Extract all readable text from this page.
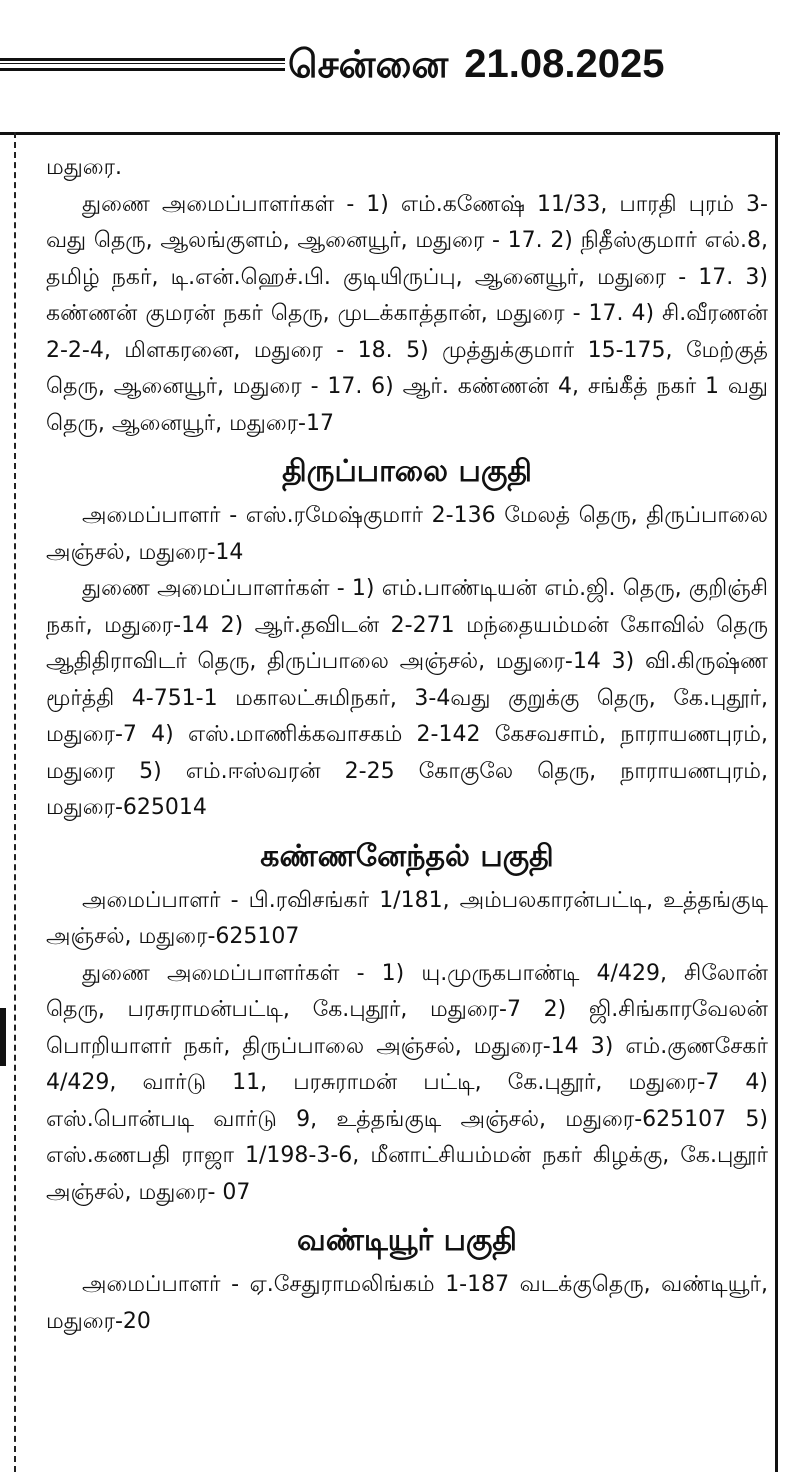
சென்னை 21.08.2025

மதுரை.

துணை அமைப்பாளர்கள் - 1) எம்.கணேஷ் 11/33, பாரதி புரம் 3-வது தெரு, ஆலங்குளம், ஆனையூர், மதுரை - 17. 2) நிதீஸ்குமார் எல்.8, தமிழ் நகர், டி.என்.ஹெச்.பி. குடியிருப்பு, ஆனையூர், மதுரை - 17. 3) கண்ணன் குமரன் நகர் தெரு, முடக்காத்தான், மதுரை - 17. 4) சி.வீரணன் 2-2-4, மிளகரனை, மதுரை - 18. 5) முத்துக்குமார் 15-175, மேற்குத் தெரு, ஆனையூர், மதுரை - 17. 6) ஆர். கண்ணன் 4, சங்கீத் நகர் 1 வது தெரு, ஆனையூர், மதுரை-17

திருப்பாலை பகுதி

அமைப்பாளர் - எஸ்.ரமேஷ்குமார் 2-136 மேலத் தெரு, திருப்பாலை அஞ்சல், மதுரை-14

துணை அமைப்பாளர்கள் - 1) எம்.பாண்டியன் எம்.ஜி. தெரு, குறிஞ்சி நகர், மதுரை-14 2) ஆர்.தவிடன் 2-271 மந்தையம்மன் கோவில் தெரு ஆதிதிராவிடர் தெரு, திருப்பாலை அஞ்சல், மதுரை-14 3) வி.கிருஷ்ண மூர்த்தி 4-751-1 மகாலட்சுமிநகர், 3-4வது குறுக்கு தெரு, கே.புதூர், மதுரை-7 4) எஸ்.மாணிக்கவாசகம் 2-142 கேசவசாம், நாராயணபுரம், மதுரை 5) எம்.ஈஸ்வரன் 2-25 கோகுலே தெரு, நாராயணபுரம், மதுரை-625014

கண்ணனேந்தல் பகுதி

அமைப்பாளர் - பி.ரவிசங்கர் 1/181, அம்பலகாரன்பட்டி, உத்தங்குடி அஞ்சல், மதுரை-625107

துணை அமைப்பாளர்கள் - 1) யு.முருகபாண்டி 4/429, சிலோன் தெரு, பரசுராமன்பட்டி, கே.புதூர், மதுரை-7 2) ஜி.சிங்காரவேலன் பொறியாளர் நகர், திருப்பாலை அஞ்சல், மதுரை-14 3) எம்.குணசேகர் 4/429, வார்டு 11, பரசுராமன் பட்டி, கே.புதூர், மதுரை-7 4) எஸ்.பொன்படி வார்டு 9, உத்தங்குடி அஞ்சல், மதுரை-625107 5) எஸ்.கணபதி ராஜா 1/198-3-6, மீனாட்சியம்மன் நகர் கிழக்கு, கே.புதூர் அஞ்சல், மதுரை- 07

வண்டியூர் பகுதி

அமைப்பாளர் - ஏ.சேதுராமலிங்கம் 1-187 வடக்குதெரு, வண்டியூர், மதுரை-20
